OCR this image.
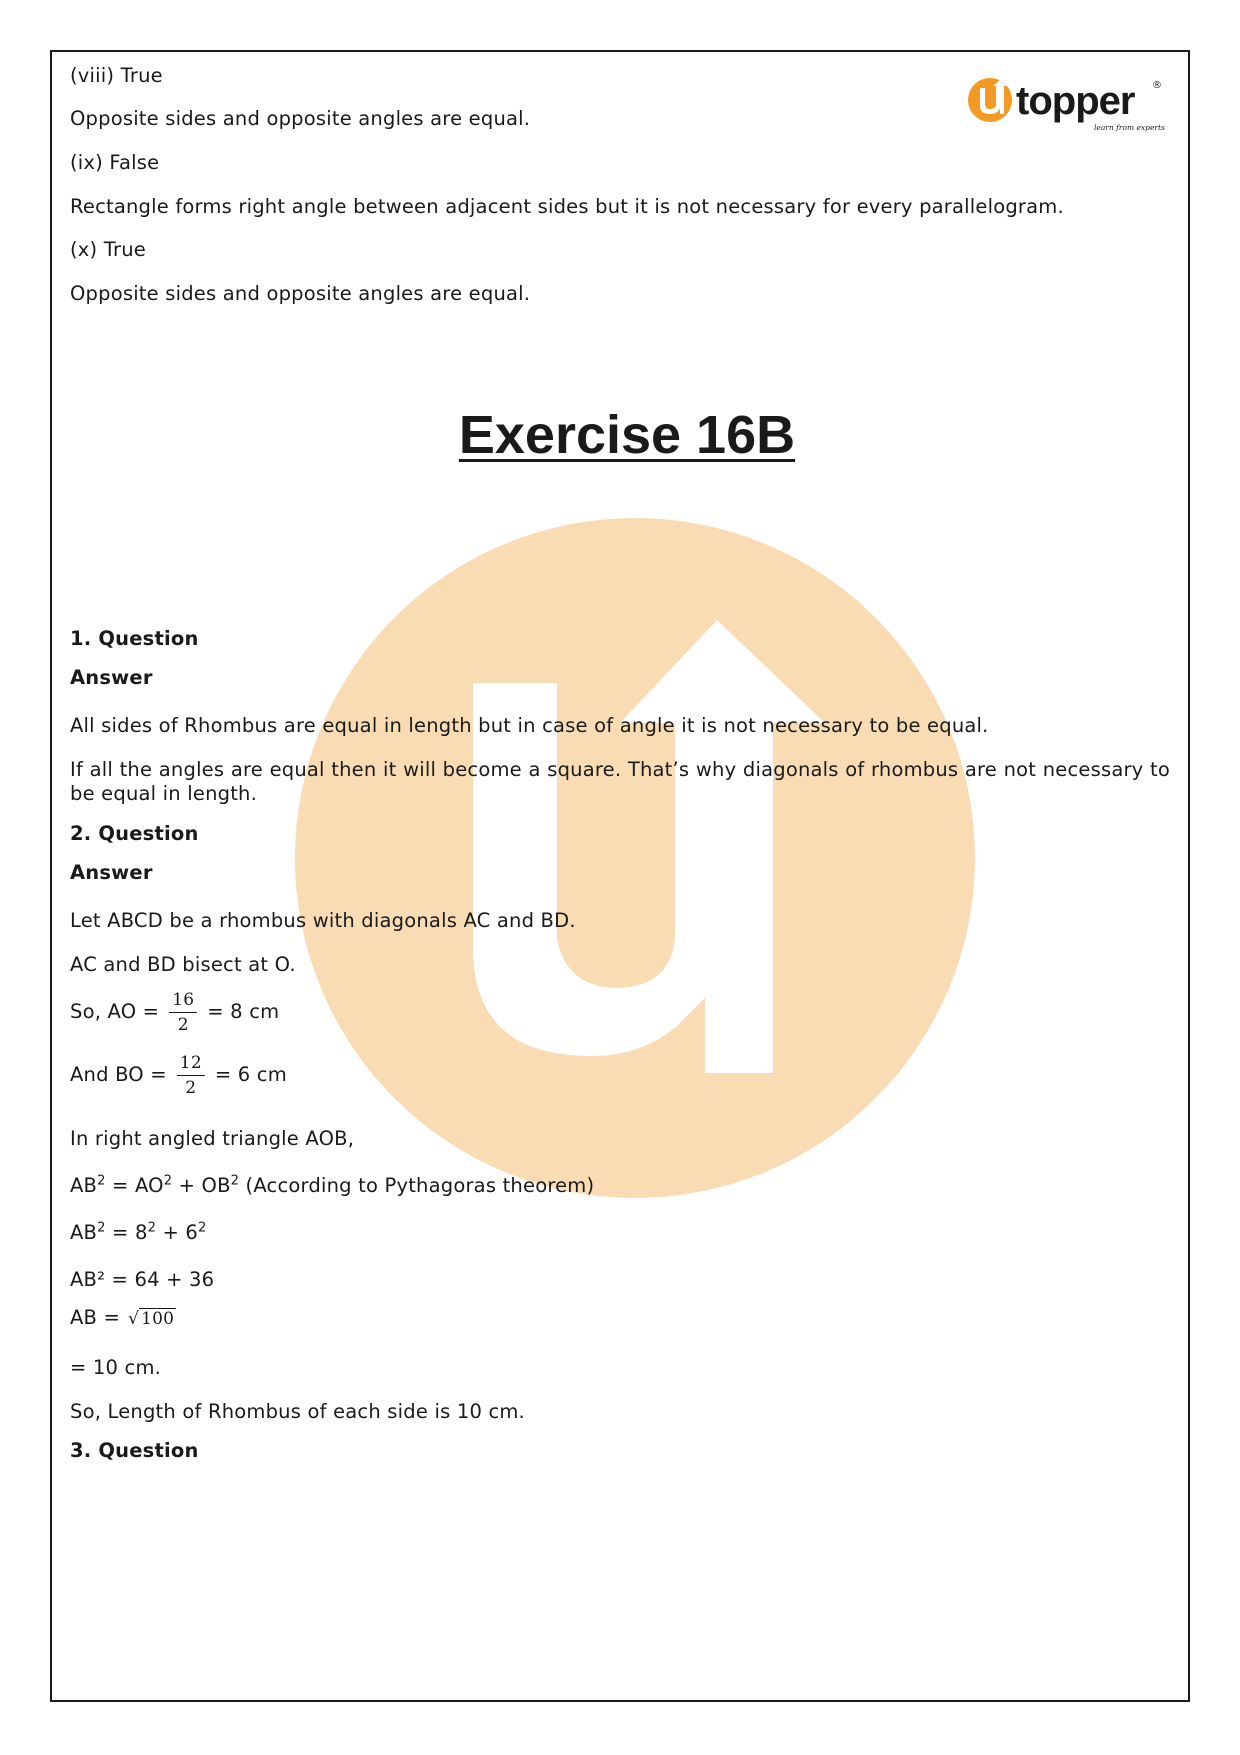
topper ®
learn from experts
(viii) True
Opposite sides and opposite angles are equal.
(ix) False
Rectangle forms right angle between adjacent sides but it is not necessary for every parallelogram.
(x) True
Opposite sides and opposite angles are equal.
Exercise 16B
1. Question
Answer
All sides of Rhombus are equal in length but in case of angle it is not necessary to be equal.
If all the angles are equal then it will become a square. That’s why diagonals of rhombus are not necessary to be equal in length.
2. Question
Answer
Let ABCD be a rhombus with diagonals AC and BD.
AC and BD bisect at O.
So, AO = $\frac{16}{2} = 8$ cm
And BO = $\frac{12}{2} = 6$ cm
In right angled triangle AOB,
$AB^2 = AO^2 + OB^2$ (According to Pythagoras theorem)
$AB^2 = 8^2 + 6^2$
AB² = 64 + 36
AB = √ 100
= 10 cm.
So, Length of Rhombus of each side is 10 cm.
3. Question
